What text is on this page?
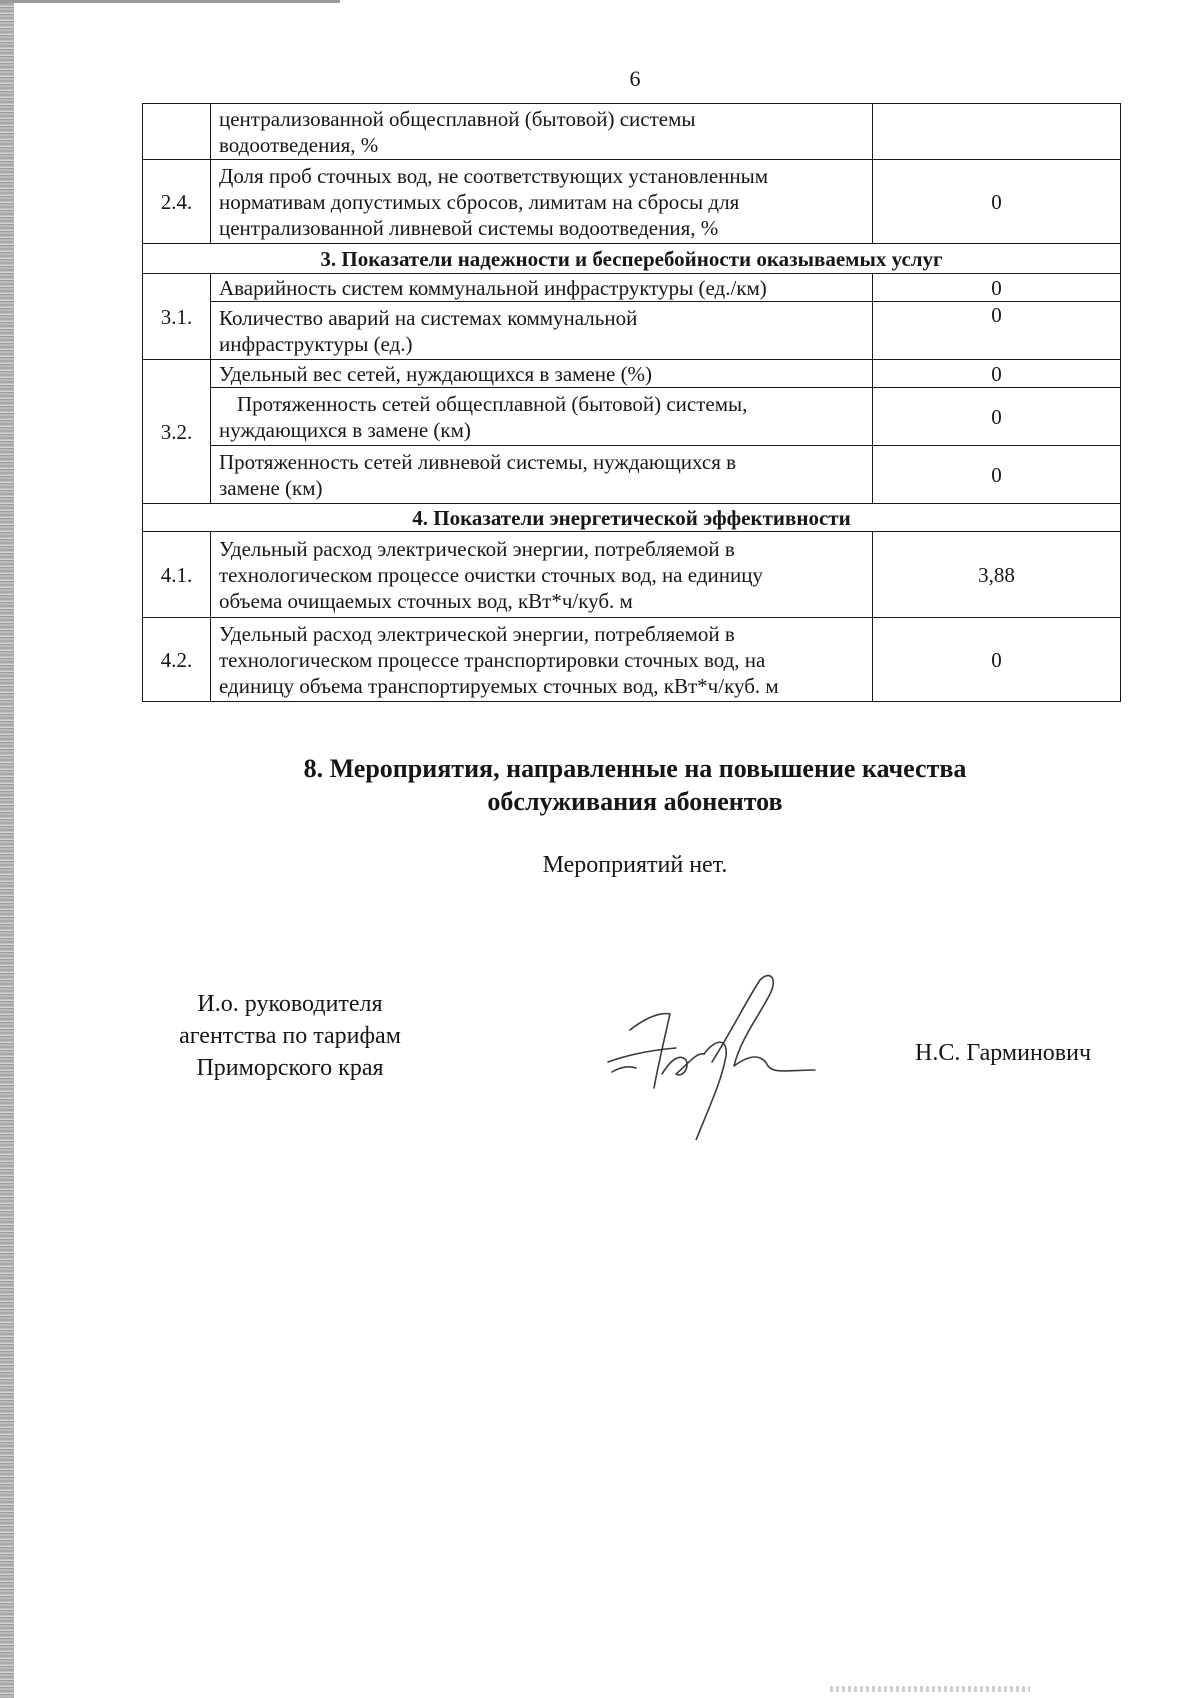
6

	централизованной общесплавной (бытовой) системы
водоотведения, %	

2.4.	Доля проб сточных вод, не соответствующих установленным
нормативам допустимых сбросов, лимитам на сбросы для
централизованной ливневой системы водоотведения, %	0
3. Показатели надежности и бесперебойности оказываемых услуг		
3.1.	Аварийность систем коммунальной инфраструктуры (ед./км)	0

	Количество аварий на системах коммунальной
инфраструктуры (ед.)	0
3.2.	Удельный вес сетей, нуждающихся в замене (%)	0

	Протяженность сетей общесплавной (бытовой) системы,
нуждающихся в замене (км)	0

	Протяженность сетей ливневой системы, нуждающихся в
замене (км)	0
4. Показатели энергетической эффективности		
4.1.	Удельный расход электрической энергии, потребляемой в
технологическом процессе очистки сточных вод, на единицу
объема очищаемых сточных вод, кВт*ч/куб. м	3,88
4.2.	Удельный расход электрической энергии, потребляемой в
технологическом процессе транспортировки сточных вод, на
единицу объема транспортируемых сточных вод, кВт*ч/куб. м	0
8. Мероприятия, направленные на повышение качества
обслуживания абонентов
Мероприятий нет.
И.о. руководителя
агентства по тарифам
Приморского края
Н.С. Гарминович
